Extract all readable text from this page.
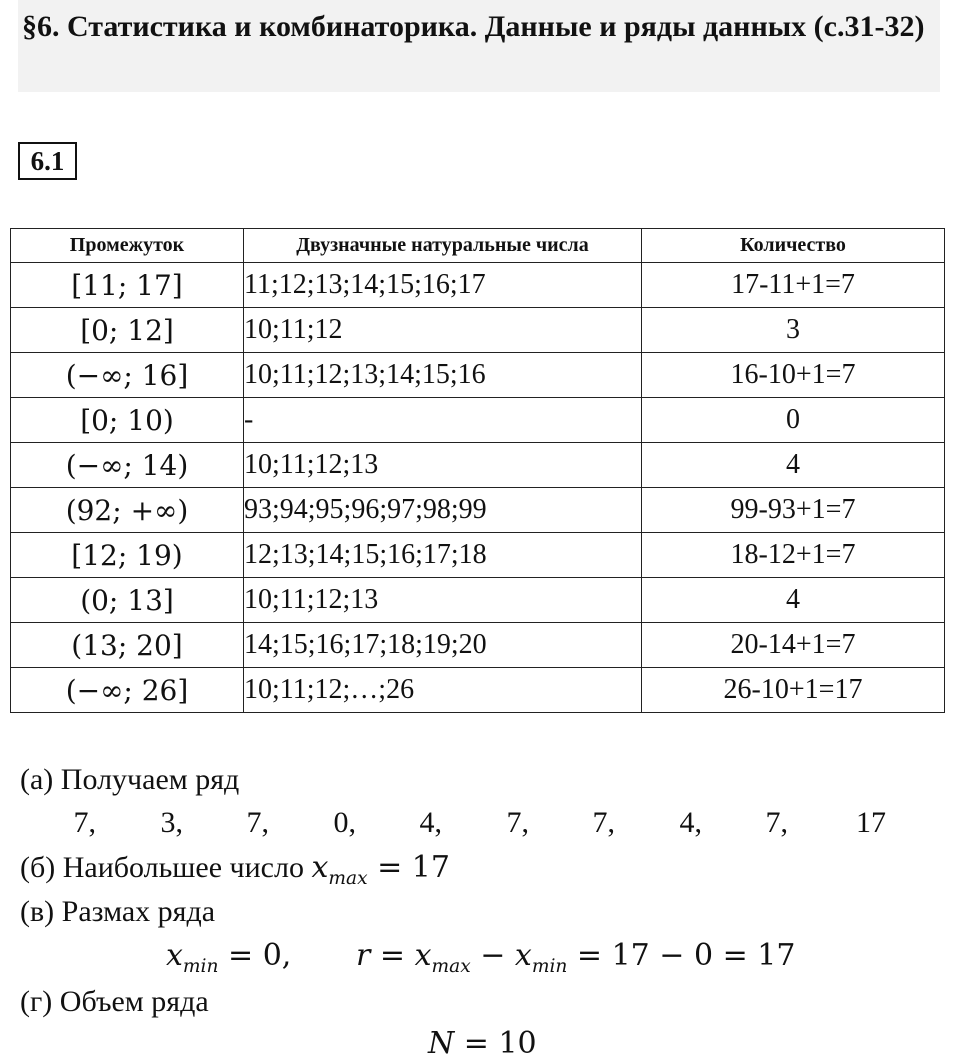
§6. Статистика и комбинаторика. Данные и ряды данных (с.31-32)
6.1
Промежуток	Двузначные натуральные числа	Количество
[11; 17]	11;12;13;14;15;16;17	17-11+1=7
[0; 12]	10;11;12	3
(−∞; 16]	10;11;12;13;14;15;16	16-10+1=7
[0; 10)	-	0
(−∞; 14)	10;11;12;13	4
(92; +∞)	93;94;95;96;97;98;99	99-93+1=7
[12; 19)	12;13;14;15;16;17;18	18-12+1=7
(0; 13]	10;11;12;13	4
(13; 20]	14;15;16;17;18;19;20	20-14+1=7
(−∞; 26]	10;11;12;…;26	26-10+1=17
(а) Получаем ряд
7,	3,	7,	0,	4,	7,	7,	4,	7,	17
(б) Наибольшее число $x_{max} = 17$
(в) Размах ряда
$x_{min} = 0$, $r = x_{max} - x_{min} = 17 - 0 = 17$
(г) Объем ряда
N = 10
